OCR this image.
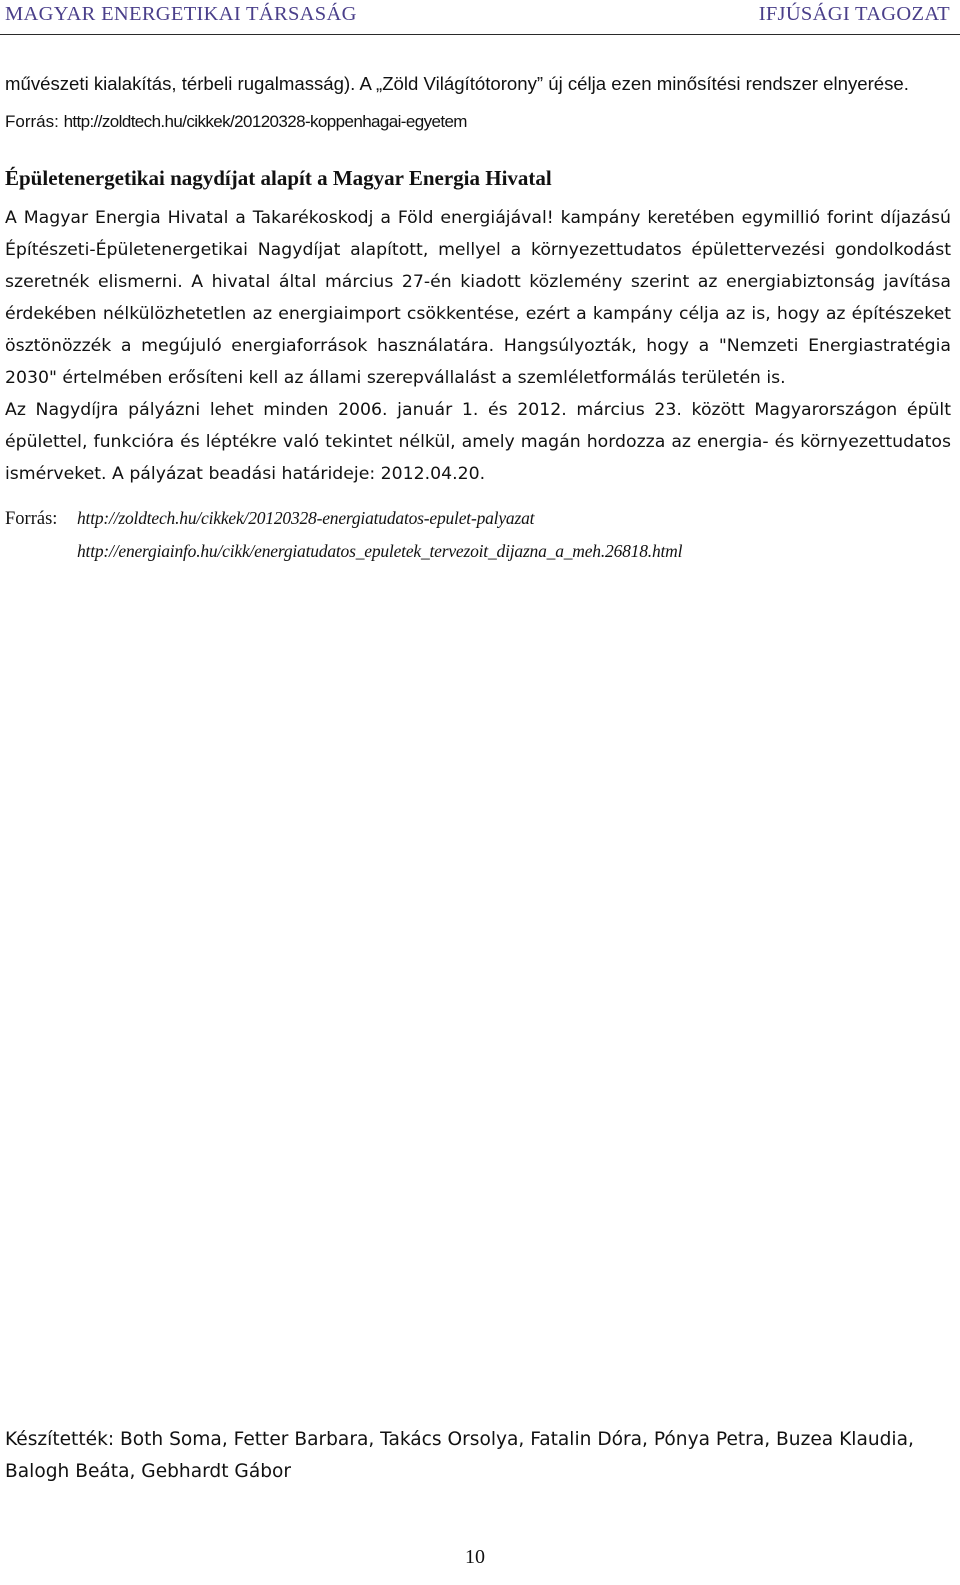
MAGYAR ENERGETIKAI TÁRSASÁG	IFJÚSÁGI TAGOZAT

művészeti kialakítás, térbeli rugalmasság). A „Zöld Világítótorony” új célja ezen minősítési rendszer elnyerése.

Forrás: http://zoldtech.hu/cikkek/20120328-koppenhagai-egyetem

Épületenergetikai nagydíjat alapít a Magyar Energia Hivatal

A Magyar Energia Hivatal a Takarékoskodj a Föld energiájával! kampány keretében egymillió forint díjazású Építészeti-Épületenergetikai Nagydíjat alapított, mellyel a környezettudatos épülettervezési gondolkodást szeretnék elismerni. A hivatal által március 27-én kiadott közlemény szerint az energiabiztonság javítása érdekében nélkülözhetetlen az energiaimport csökkentése, ezért a kampány célja az is, hogy az építészeket ösztönözzék a megújuló energiaforrások használatára. Hangsúlyozták, hogy a "Nemzeti Energiastratégia 2030" értelmében erősíteni kell az állami szerepvállalást a szemléletformálás területén is.

Az Nagydíjra pályázni lehet minden 2006. január 1. és 2012. március 23. között Magyarországon épült épülettel, funkcióra és léptékre való tekintet nélkül, amely magán hordozza az energia- és környezettudatos ismérveket. A pályázat beadási határideje: 2012.04.20.

Forrás: http://zoldtech.hu/cikkek/20120328-energiatudatos-epulet-palyazat
http://energiainfo.hu/cikk/energiatudatos_epuletek_tervezoit_dijazna_a_meh.26818.html
Készítették: Both Soma, Fetter Barbara, Takács Orsolya, Fatalin Dóra, Pónya Petra, Buzea Klaudia, Balogh Beáta, Gebhardt Gábor
10
